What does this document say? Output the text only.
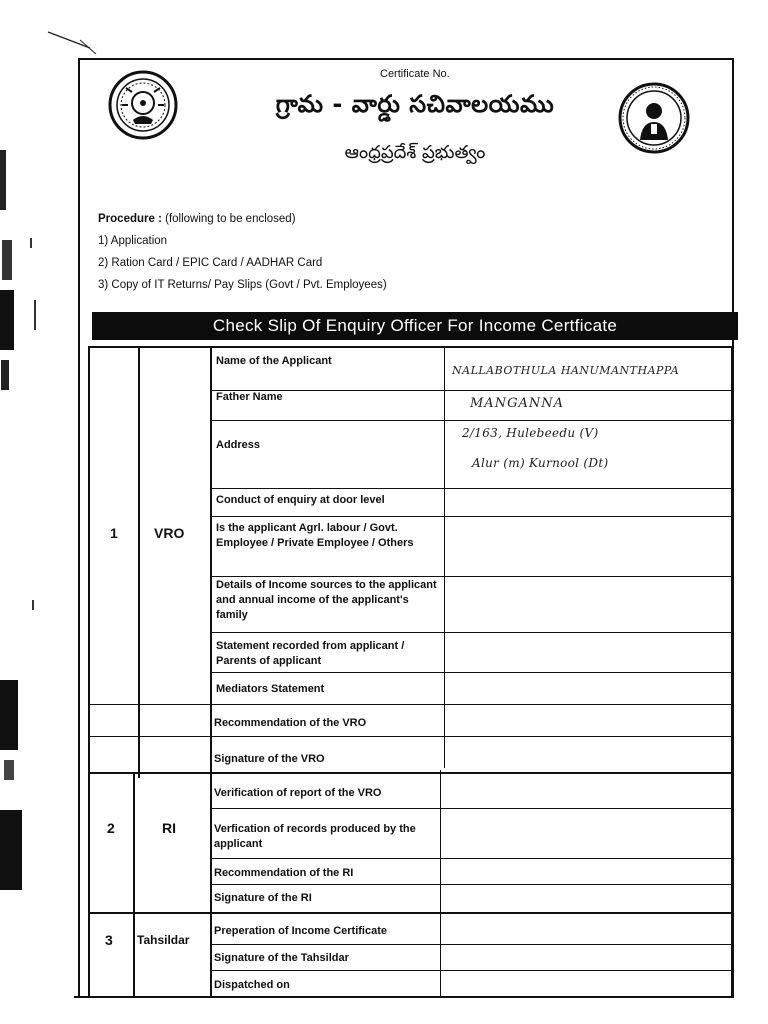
Certificate No.
గ్రామ - వార్డు సచివాలయము
ఆంధ్రప్రదేశ్ ప్రభుత్వం
Procedure : (following to be enclosed)
1) Application
2) Ration Card / EPIC Card / AADHAR Card
3) Copy of IT Returns/ Pay Slips (Govt / Pvt. Employees)
Check Slip Of Enquiry Officer For Income Certficate
1	VRO
2	RI
3 Tahsildar
Name of the Applicant
Father Name
Address
Conduct of enquiry at door level
Is the applicant Agrl. labour / Govt. Employee / Private Employee / Others
Details of Income sources to the applicant and annual income of the applicant's family
Statement recorded from applicant / Parents of applicant
Mediators Statement
Recommendation of the VRO
Signature of the VRO
Verification of report of the VRO
Verfication of records produced by the applicant
Recommendation of the RI
Signature of the RI
Preperation of Income Certificate
Signature of the Tahsildar
Dispatched on
NALLABOTHULA HANUMANTHAPPA
MANGANNA
2/163, Hulebeedu (V)
Alur (m) Kurnool (Dt)
